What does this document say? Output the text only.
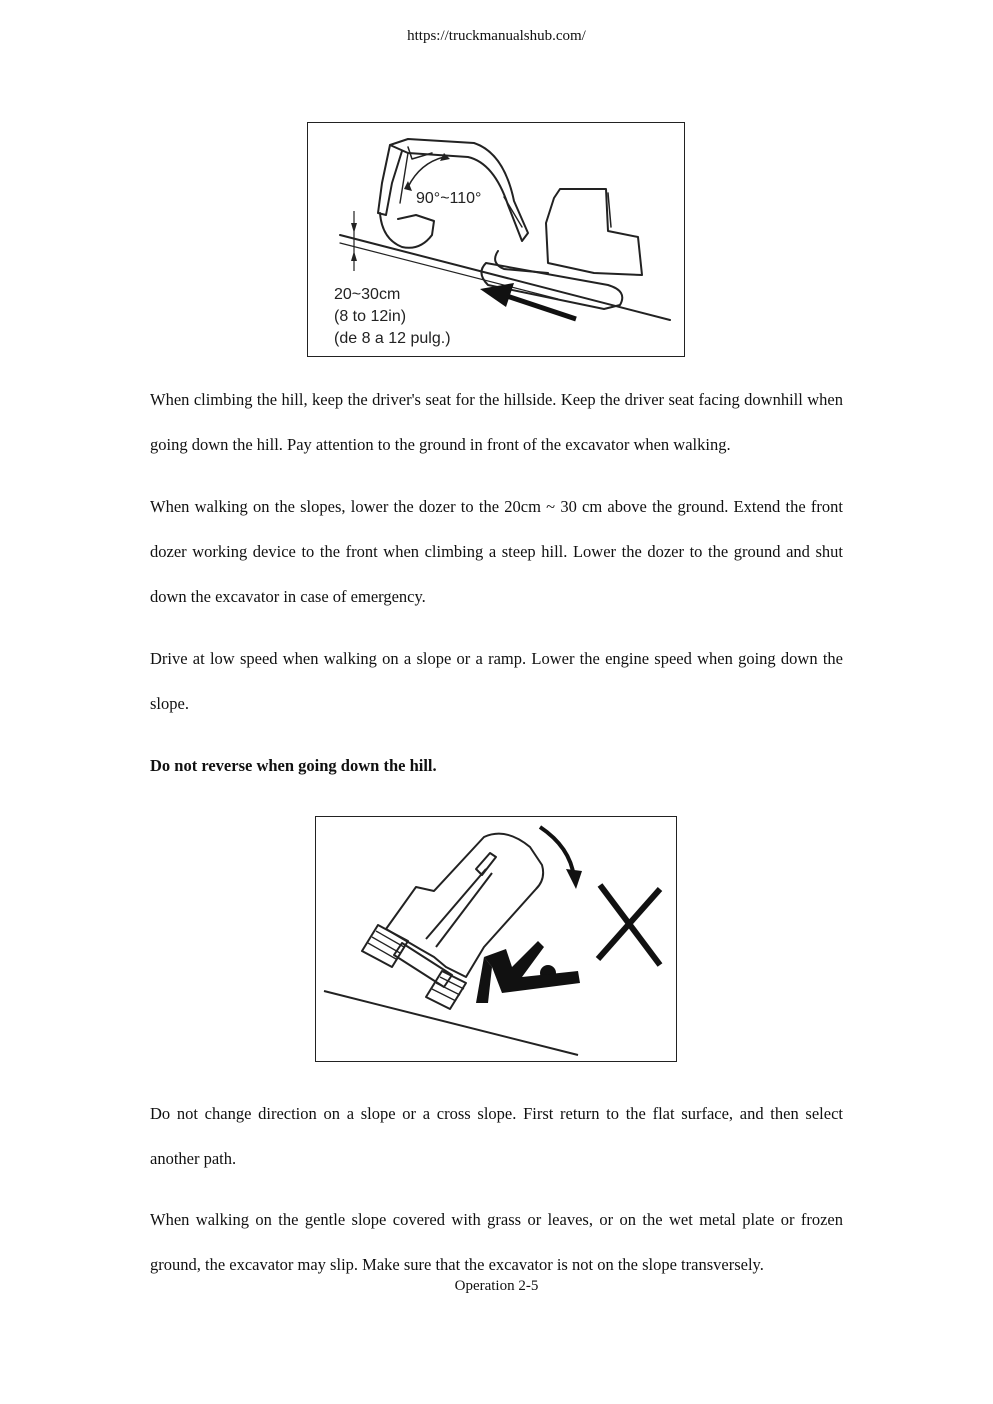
https://truckmanualshub.com/
90°~110°
20~30cm
(8 to 12in)
(de 8 a 12 pulg.)

When climbing the hill, keep the driver's seat for the hillside. Keep the driver seat facing downhill when going down the hill. Pay attention to the ground in front of the excavator when walking.

When walking on the slopes, lower the dozer to the 20cm ~ 30 cm above the ground. Extend the front dozer working device to the front when climbing a steep hill. Lower the dozer to the ground and shut down the excavator in case of emergency.

Drive at low speed when walking on a slope or a ramp. Lower the engine speed when going down the slope.

Do not reverse when going down the hill.

Do not change direction on a slope or a cross slope. First return to the flat surface, and then select another path.

When walking on the gentle slope covered with grass or leaves, or on the wet metal plate or frozen ground, the excavator may slip. Make sure that the excavator is not on the slope transversely.

Operation 2-5
